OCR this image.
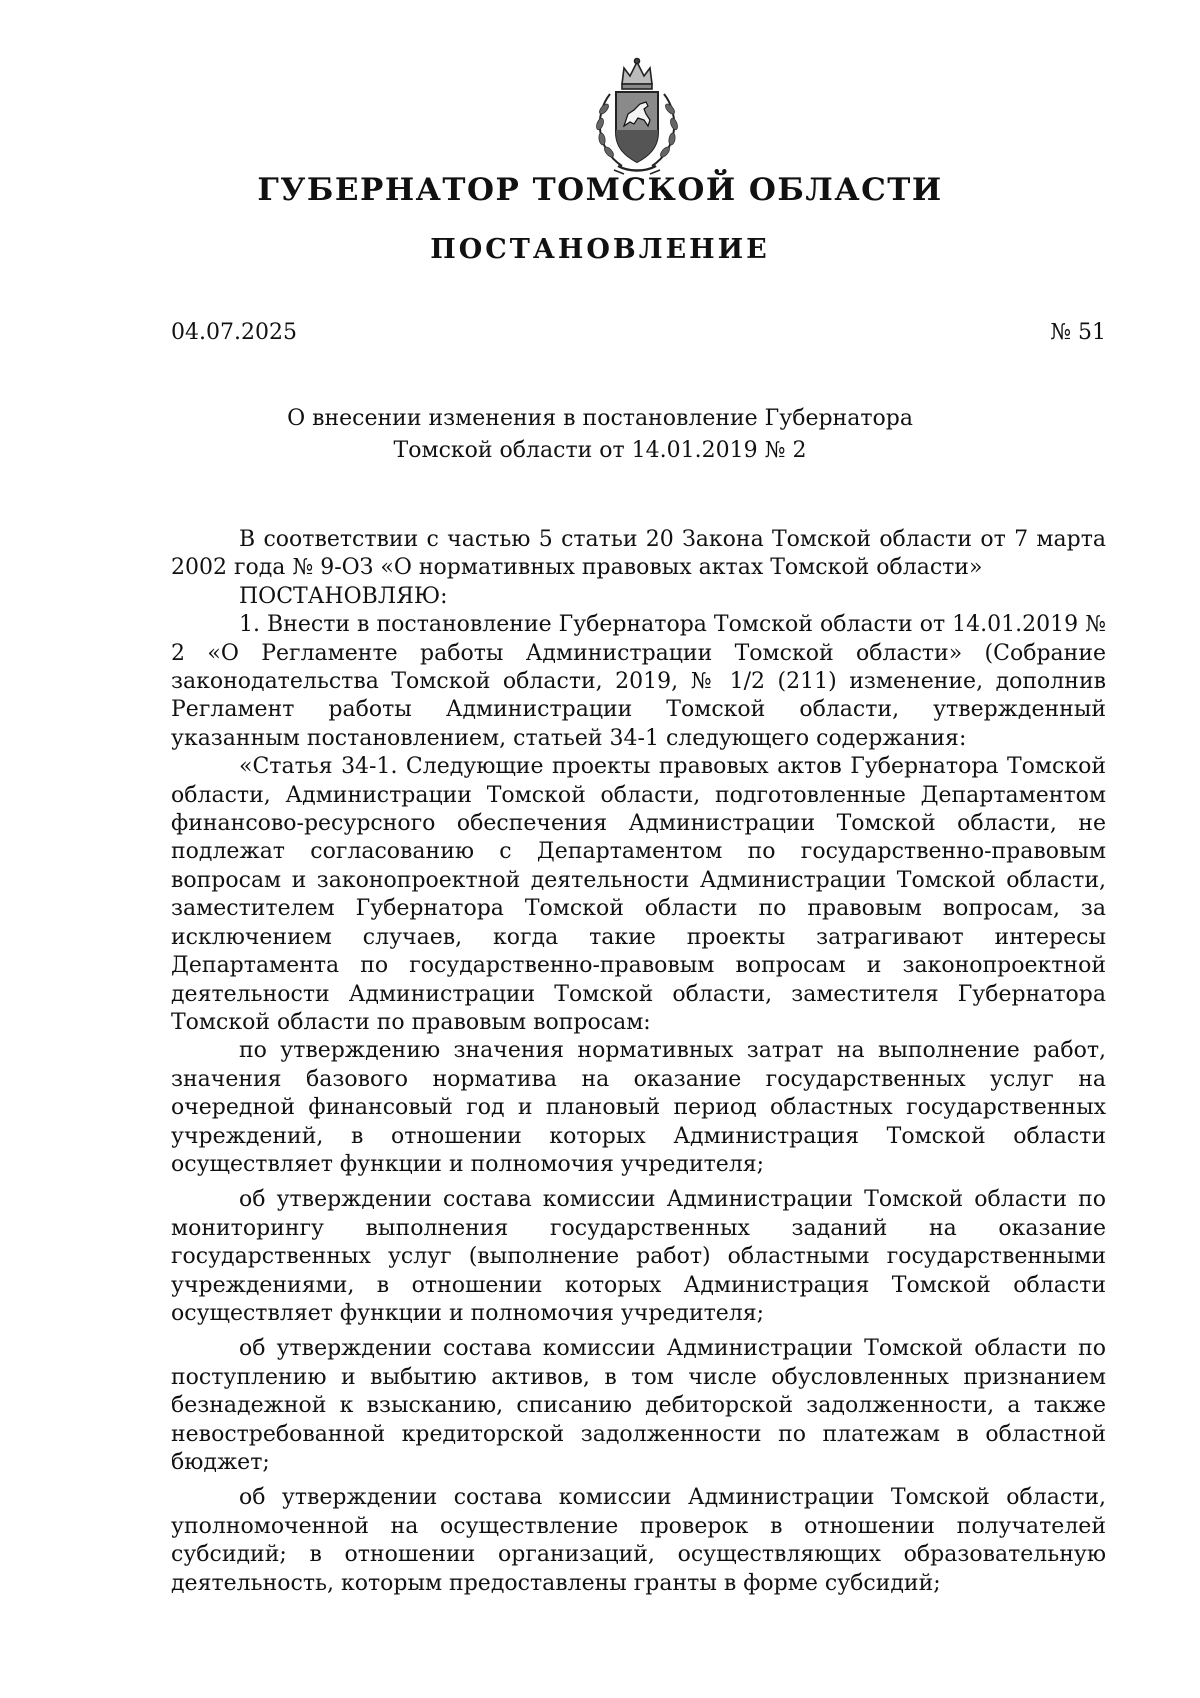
ГУБЕРНАТОР ТОМСКОЙ ОБЛАСТИ
ПОСТАНОВЛЕНИЕ
04.07.2025	№ 51
О внесении изменения в постановление Губернатора
Томской области от 14.01.2019 № 2

В соответствии с частью 5 статьи 20 Закона Томской области от 7 марта 2002 года № 9-ОЗ «О нормативных правовых актах Томской области»

ПОСТАНОВЛЯЮ:

1. Внести в постановление Губернатора Томской области от 14.01.2019 № 2 «О Регламенте работы Администрации Томской области» (Собрание законодательства Томской области, 2019, № 1/2 (211) изменение, дополнив Регламент работы Администрации Томской области, утвержденный указанным постановлением, статьей 34-1 следующего содержания:

«Статья 34-1. Следующие проекты правовых актов Губернатора Томской области, Администрации Томской области, подготовленные Департаментом финансово-ресурсного обеспечения Администрации Томской области, не подлежат согласованию с Департаментом по государственно-правовым вопросам и законопроектной деятельности Администрации Томской области, заместителем Губернатора Томской области по правовым вопросам, за исключением случаев, когда такие проекты затрагивают интересы Департамента по государственно-правовым вопросам и законопроектной деятельности Администрации Томской области, заместителя Губернатора Томской области по правовым вопросам:

по утверждению значения нормативных затрат на выполнение работ, значения базового норматива на оказание государственных услуг на очередной финансовый год и плановый период областных государственных учреждений, в отношении которых Администрация Томской области осуществляет функции и полномочия учредителя;

об утверждении состава комиссии Администрации Томской области по мониторингу выполнения государственных заданий на оказание государственных услуг (выполнение работ) областными государственными учреждениями, в отношении которых Администрация Томской области осуществляет функции и полномочия учредителя;

об утверждении состава комиссии Администрации Томской области по поступлению и выбытию активов, в том числе обусловленных признанием безнадежной к взысканию, списанию дебиторской задолженности, а также невостребованной кредиторской задолженности по платежам в областной бюджет;

об утверждении состава комиссии Администрации Томской области, уполномоченной на осуществление проверок в отношении получателей субсидий; в отношении организаций, осуществляющих образовательную деятельность, которым предоставлены гранты в форме субсидий;
